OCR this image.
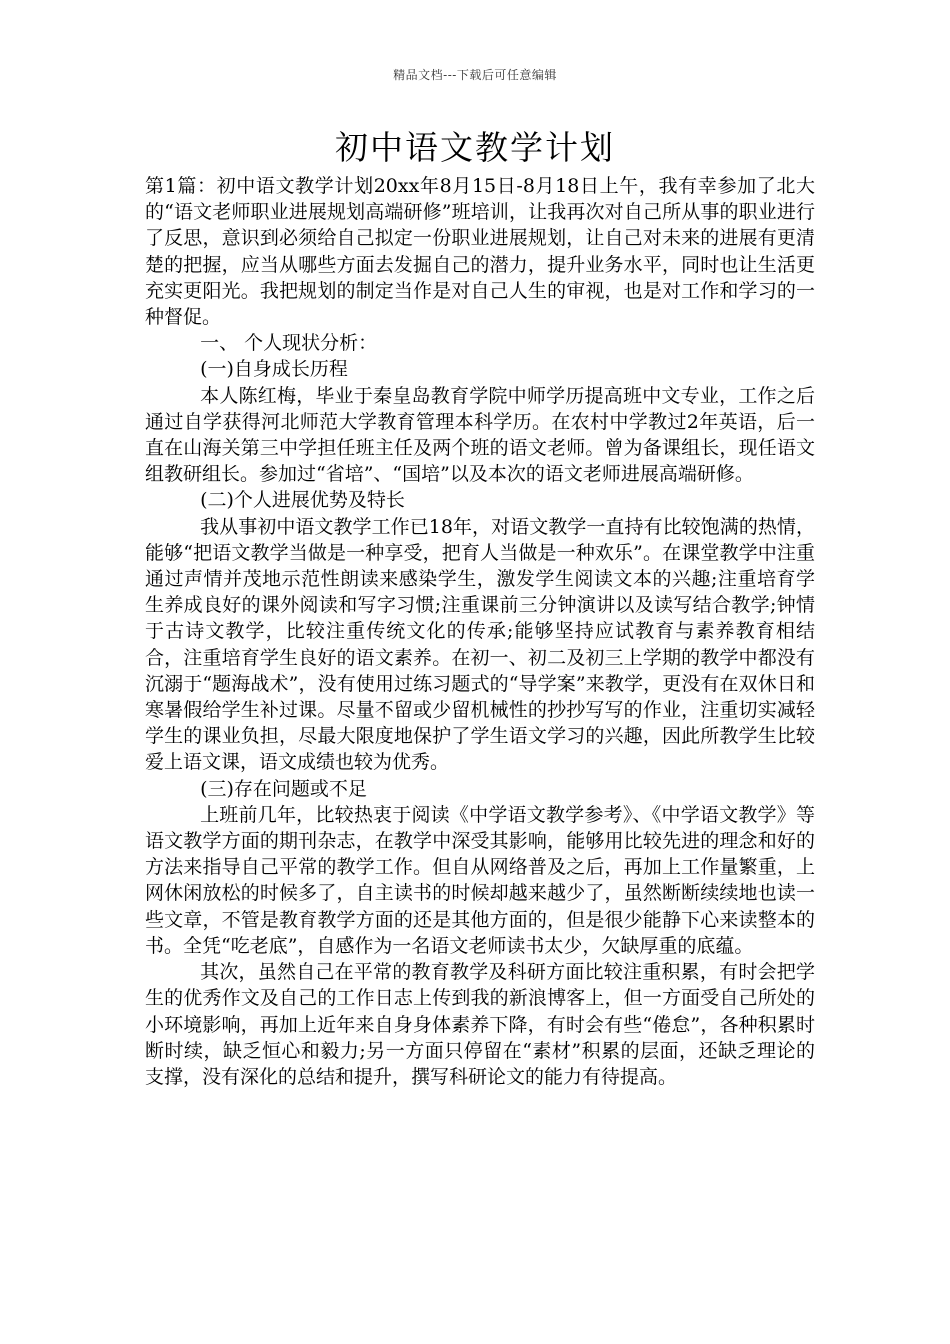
精品文档---下载后可任意编辑
初中语文教学计划

第1篇：初中语文教学计划20xx年8月15日-8月18日上午，我有幸参加了北大的“语文老师职业进展规划高端研修”班培训，让我再次对自己所从事的职业进行了反思，意识到必须给自己拟定一份职业进展规划，让自己对未来的进展有更清楚的把握，应当从哪些方面去发掘自己的潜力，提升业务水平，同时也让生活更充实更阳光。我把规划的制定当作是对自己人生的审视，也是对工作和学习的一种督促。

一、 个人现状分析：

(一)自身成长历程

本人陈红梅，毕业于秦皇岛教育学院中师学历提高班中文专业，工作之后通过自学获得河北师范大学教育管理本科学历。在农村中学教过2年英语，后一直在山海关第三中学担任班主任及两个班的语文老师。曾为备课组长，现任语文组教研组长。参加过“省培”、“国培”以及本次的语文老师进展高端研修。

(二)个人进展优势及特长

我从事初中语文教学工作已18年，对语文教学一直持有比较饱满的热情，能够“把语文教学当做是一种享受，把育人当做是一种欢乐”。在课堂教学中注重通过声情并茂地示范性朗读来感染学生，激发学生阅读文本的兴趣;注重培育学生养成良好的课外阅读和写字习惯;注重课前三分钟演讲以及读写结合教学;钟情于古诗文教学，比较注重传统文化的传承;能够坚持应试教育与素养教育相结合，注重培育学生良好的语文素养。在初一、初二及初三上学期的教学中都没有沉溺于“题海战术”，没有使用过练习题式的“导学案”来教学，更没有在双休日和寒暑假给学生补过课。尽量不留或少留机械性的抄抄写写的作业，注重切实减轻学生的课业负担，尽最大限度地保护了学生语文学习的兴趣，因此所教学生比较爱上语文课，语文成绩也较为优秀。

(三)存在问题或不足

上班前几年，比较热衷于阅读《中学语文教学参考》、《中学语文教学》等语文教学方面的期刊杂志，在教学中深受其影响，能够用比较先进的理念和好的方法来指导自己平常的教学工作。但自从网络普及之后，再加上工作量繁重，上网休闲放松的时候多了，自主读书的时候却越来越少了，虽然断断续续地也读一些文章，不管是教育教学方面的还是其他方面的，但是很少能静下心来读整本的书。全凭“吃老底”，自感作为一名语文老师读书太少，欠缺厚重的底蕴。

其次，虽然自己在平常的教育教学及科研方面比较注重积累，有时会把学生的优秀作文及自己的工作日志上传到我的新浪博客上，但一方面受自己所处的小环境影响，再加上近年来自身身体素养下降，有时会有些“倦怠”，各种积累时断时续，缺乏恒心和毅力;另一方面只停留在“素材”积累的层面，还缺乏理论的支撑，没有深化的总结和提升，撰写科研论文的能力有待提高。
